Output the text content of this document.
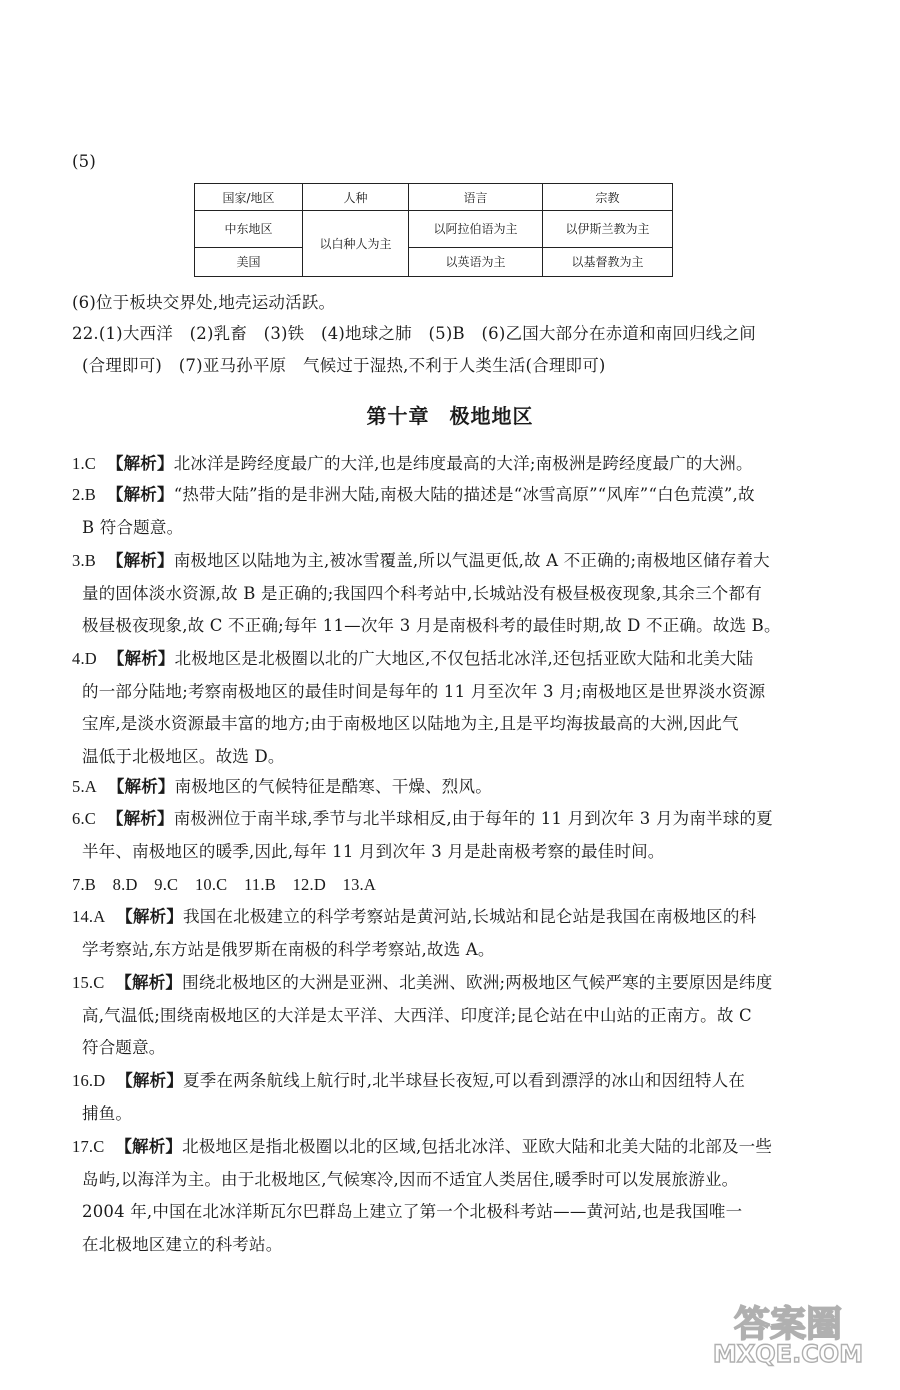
(5)
国家/地区	人种	语言	宗教
中东地区	以白种人为主	以阿拉伯语为主	以伊斯兰教为主
美国		以英语为主	以基督教为主
(6)位于板块交界处,地壳运动活跃。
22.(1)大西洋　(2)乳畜　(3)铁　(4)地球之肺　(5)B　(6)乙国大部分在赤道和南回归线之间
(合理即可)　(7)亚马孙平原　气候过于湿热,不利于人类生活(合理即可)
第十章 极地地区
1.C 【解析】北冰洋是跨经度最广的大洋,也是纬度最高的大洋;南极洲是跨经度最广的大洲。
2.B 【解析】“热带大陆”指的是非洲大陆,南极大陆的描述是“冰雪高原”“风库”“白色荒漠”,故
B 符合题意。
3.B 【解析】南极地区以陆地为主,被冰雪覆盖,所以气温更低,故 A 不正确的;南极地区储存着大
量的固体淡水资源,故 B 是正确的;我国四个科考站中,长城站没有极昼极夜现象,其余三个都有
极昼极夜现象,故 C 不正确;每年 11—次年 3 月是南极科考的最佳时期,故 D 不正确。故选 B。
4.D 【解析】北极地区是北极圈以北的广大地区,不仅包括北冰洋,还包括亚欧大陆和北美大陆
的一部分陆地;考察南极地区的最佳时间是每年的 11 月至次年 3 月;南极地区是世界淡水资源
宝库,是淡水资源最丰富的地方;由于南极地区以陆地为主,且是平均海拔最高的大洲,因此气
温低于北极地区。故选 D。
5.A 【解析】南极地区的气候特征是酷寒、干燥、烈风。
6.C 【解析】南极洲位于南半球,季节与北半球相反,由于每年的 11 月到次年 3 月为南半球的夏
半年、南极地区的暖季,因此,每年 11 月到次年 3 月是赴南极考察的最佳时间。
7.B　8.D　9.C　10.C　11.B　12.D　13.A
14.A 【解析】我国在北极建立的科学考察站是黄河站,长城站和昆仑站是我国在南极地区的科
学考察站,东方站是俄罗斯在南极的科学考察站,故选 A。
15.C 【解析】围绕北极地区的大洲是亚洲、北美洲、欧洲;两极地区气候严寒的主要原因是纬度
高,气温低;围绕南极地区的大洋是太平洋、大西洋、印度洋;昆仑站在中山站的正南方。故 C
符合题意。
16.D 【解析】夏季在两条航线上航行时,北半球昼长夜短,可以看到漂浮的冰山和因纽特人在
捕鱼。
17.C 【解析】北极地区是指北极圈以北的区域,包括北冰洋、亚欧大陆和北美大陆的北部及一些
岛屿,以海洋为主。由于北极地区,气候寒冷,因而不适宜人类居住,暖季时可以发展旅游业。
2004 年,中国在北冰洋斯瓦尔巴群岛上建立了第一个北极科考站——黄河站,也是我国唯一
在北极地区建立的科考站。
答案圈
MXQE.COM
